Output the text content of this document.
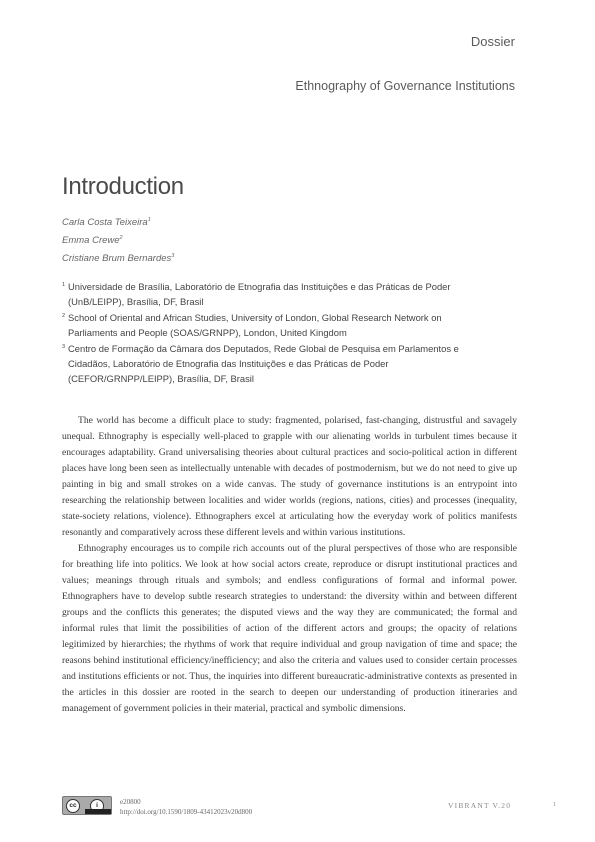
Dossier
Ethnography of Governance Institutions
Introduction
Carla Costa Teixeira$^1$
Emma Crewe$^2$
Cristiane Brum Bernardes$^3$
1 Universidade de Brasília, Laboratório de Etnografia das Instituições e das Práticas de Poder
(UnB/LEIPP), Brasília, DF, Brasil
2 School of Oriental and African Studies, University of London, Global Research Network on
Parliaments and People (SOAS/GRNPP), London, United Kingdom
3 Centro de Formação da Câmara dos Deputados, Rede Global de Pesquisa em Parlamentos e
Cidadãos, Laboratório de Etnografia das Instituições e das Práticas de Poder
(CEFOR/GRNPP/LEIPP), Brasília, DF, Brasil

The world has become a difficult place to study: fragmented, polarised, fast-changing, distrustful and savagely unequal. Ethnography is especially well-placed to grapple with our alienating worlds in turbulent times because it encourages adaptability. Grand universalising theories about cultural practices and socio-political action in different places have long been seen as intellectually untenable with decades of postmodernism, but we do not need to give up painting in big and small strokes on a wide canvas. The study of governance institutions is an entrypoint into researching the relationship between localities and wider worlds (regions, nations, cities) and processes (inequality, state-society relations, violence). Ethnographers excel at articulating how the everyday work of politics manifests resonantly and comparatively across these different levels and within various institutions.

Ethnography encourages us to compile rich accounts out of the plural perspectives of those who are responsible for breathing life into politics. We look at how social actors create, reproduce or disrupt institutional practices and values; meanings through rituals and symbols; and endless configurations of formal and informal power. Ethnographers have to develop subtle research strategies to understand: the diversity within and between different groups and the conflicts this generates; the disputed views and the way they are communicated; the formal and informal rules that limit the possibilities of action of the different actors and groups; the opacity of relations legitimized by hierarchies; the rhythms of work that require individual and group navigation of time and space; the reasons behind institutional efficiency/inefficiency; and also the criteria and values used to consider certain processes and institutions efficients or not. Thus, the inquiries into different bureaucratic-administrative contexts as presented in the articles in this dossier are rooted in the search to deepen our understanding of production itineraries and management of government policies in their material, practical and symbolic dimensions.

cc	i	e20800
http://doi.org/10.1590/1809-43412023v20d800
VIBRANT V.20	1
